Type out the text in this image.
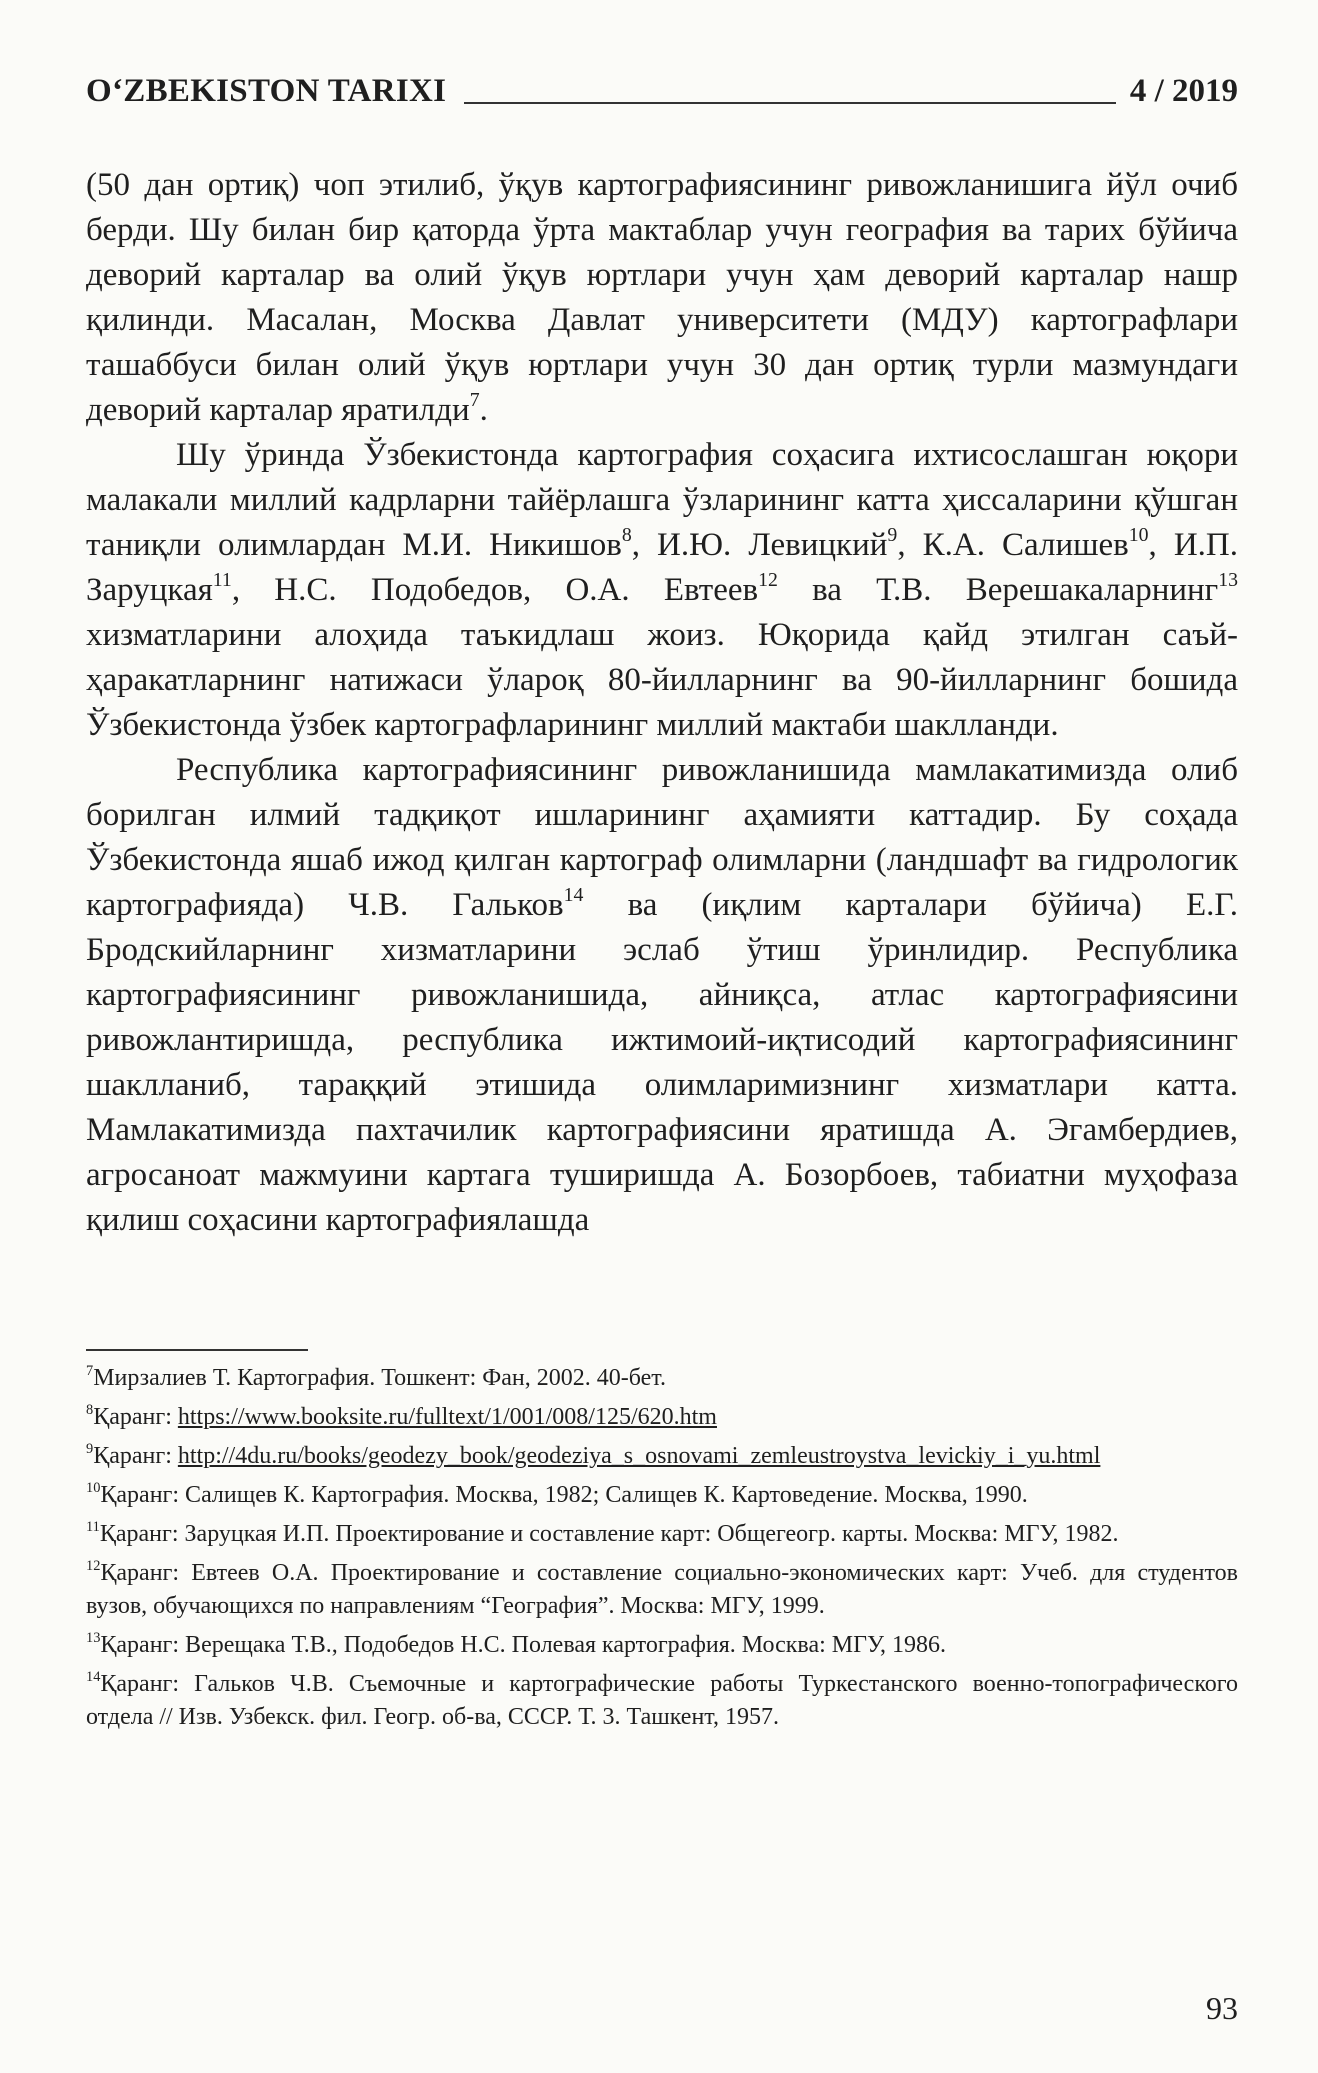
O‘ZBEKISTON TARIXI	4 / 2019

(50 дан ортиқ) чоп этилиб, ўқув картографиясининг ривожланишига йўл очиб берди. Шу билан бир қаторда ўрта мактаблар учун география ва тарих бўйича деворий карталар ва олий ўқув юртлари учун ҳам деворий карталар нашр қилинди. Масалан, Москва Давлат университети (МДУ) картографлари ташаббуси билан олий ўқув юртлари учун 30 дан ортиқ турли мазмундаги деворий карталар яратилди$^7$.

Шу ўринда Ўзбекистонда картография соҳасига ихтисослашган юқори малакали миллий кадрларни тайёрлашга ўзларининг катта ҳиссаларини қўшган таниқли олимлардан М.И. Никишов$^8$, И.Ю. Левицкий$^9$, К.А. Салишев$^{10}$, И.П. Заруцкая$^{11}$, Н.С. Подобедов, О.А. Евтеев$^{12}$ ва Т.В. Верешакаларнинг$^{13}$ хизматларини алоҳида таъкидлаш жоиз. Юқорида қайд этилган саъй-ҳаракатларнинг натижаси ўлароқ 80-йилларнинг ва 90-йилларнинг бошида Ўзбекистонда ўзбек картографларининг миллий мактаби шаклланди.

Республика картографиясининг ривожланишида мамлакатимизда олиб борилган илмий тадқиқот ишларининг аҳамияти каттадир. Бу соҳада Ўзбекистонда яшаб ижод қилган картограф олимларни (ландшафт ва гидрологик картографияда) Ч.В. Гальков$^{14}$ ва (иқлим карталари бўйича) Е.Г. Бродскийларнинг хизматларини эслаб ўтиш ўринлидир. Республика картографиясининг ривожланишида, айниқса, атлас картографиясини ривожлантиришда, республика ижтимоий-иқтисодий картографиясининг шаклланиб, тараққий этишида олимларимизнинг хизматлари катта. Мамлакатимизда пахтачилик картографиясини яратишда А. Эгамбердиев, агросаноат мажмуини картага туширишда А. Бозорбоев, табиатни муҳофаза қилиш соҳасини картографиялашда

$^7$Мирзалиев Т. Картография. Тошкент: Фан, 2002. 40-бет.

$^8$Қаранг: https://www.booksite.ru/fulltext/1/001/008/125/620.htm

$^9$Қаранг: http://4du.ru/books/geodezy_book/geodeziya_s_osnovami_zemleustroystva_levickiy_i_yu.html

$^{10}$Қаранг: Салищев К. Картография. Москва, 1982; Салищев К. Картоведение. Москва, 1990.

$^{11}$Қаранг: Заруцкая И.П. Проектирование и составление карт: Общегеогр. карты. Москва: МГУ, 1982.

$^{12}$Қаранг: Евтеев О.А. Проектирование и составление социально-экономических карт: Учеб. для студентов вузов, обучающихся по направлениям “География”. Москва: МГУ, 1999.

$^{13}$Қаранг: Верещака Т.В., Подобедов Н.С. Полевая картография. Москва: МГУ, 1986.

$^{14}$Қаранг: Гальков Ч.В. Съемочные и картографические работы Туркестанского военно-топографического отдела // Изв. Узбекск. фил. Геогр. об-ва, СССР. Т. 3. Ташкент, 1957.

93
